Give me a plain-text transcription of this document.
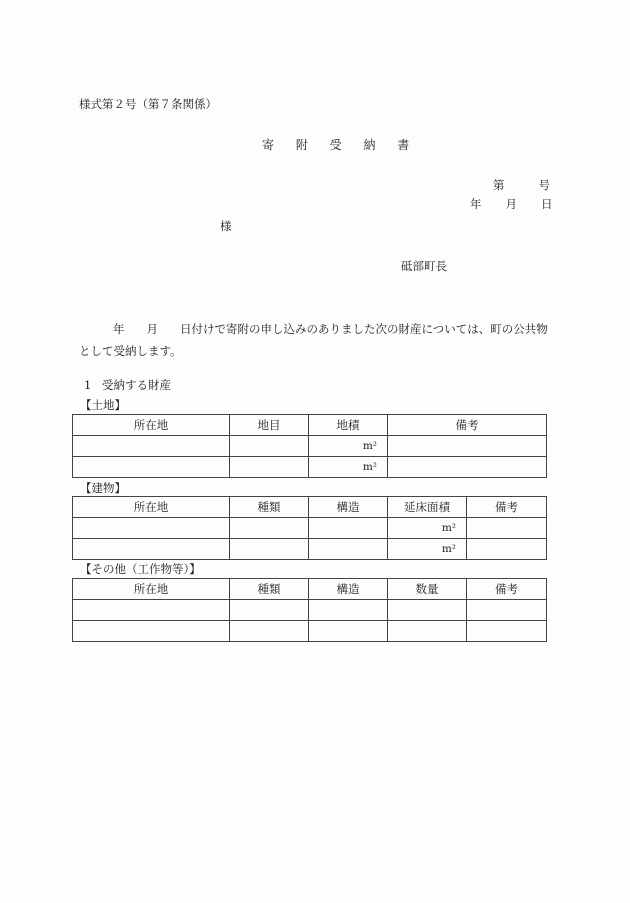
様式第２号（第７条関係）
寄 附 受 納 書
第	号
年 月 日
様
砥部町長
年 月 日付けで寄附の申し込みのありました次の財産については、町の公共物として受納します。
1 受納する財産
【土地】
所在地	地目	地積	備考
		m²	
		m²	
【建物】
所在地	種類	構造	延床面積	備考
			m²	
			m²	
【その他（工作物等）】
所在地	種類	構造	数量	備考
